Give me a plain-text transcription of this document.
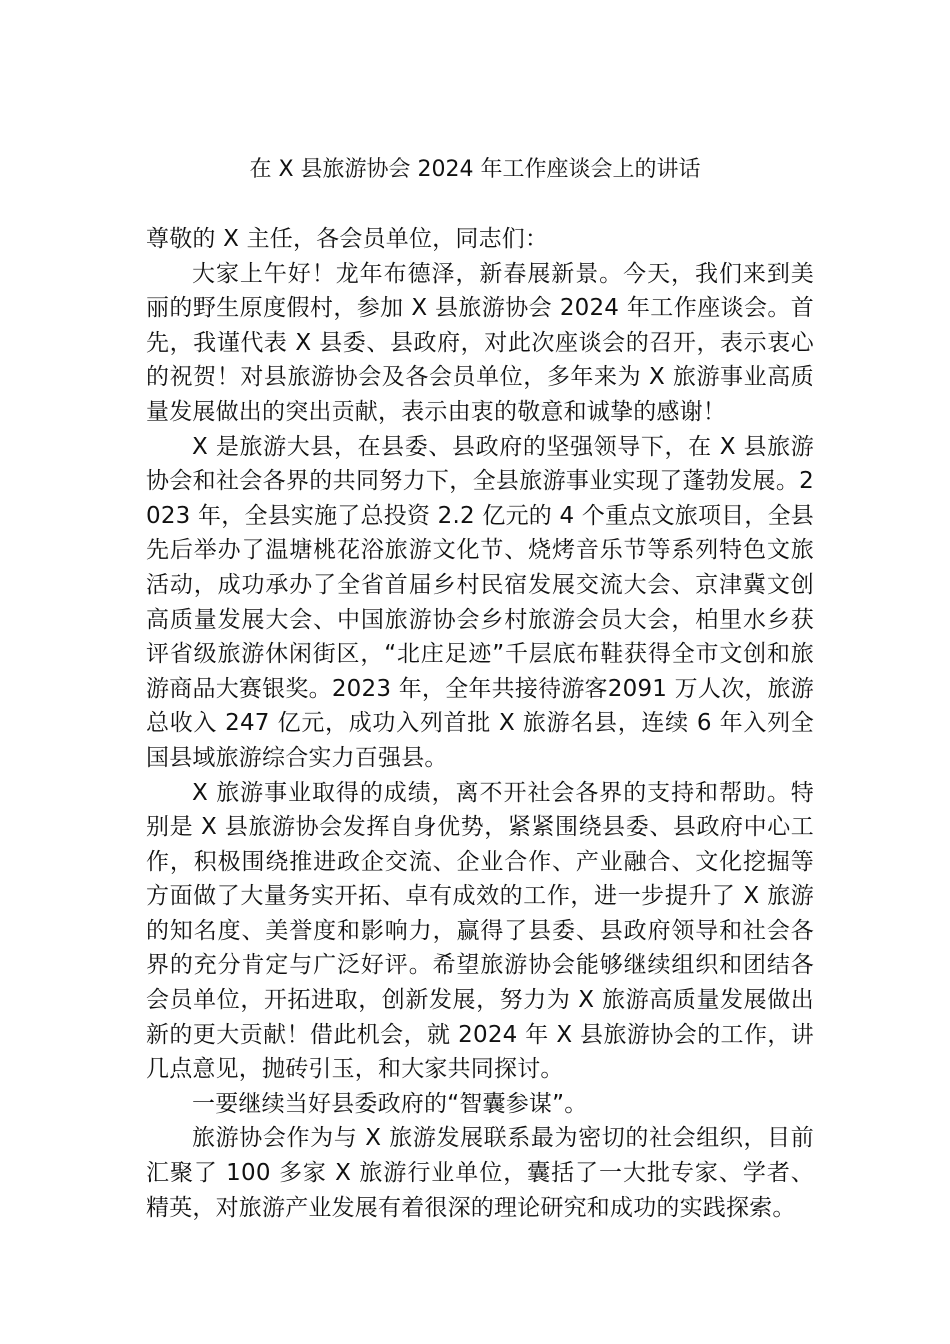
在 X 县旅游协会 2024 年工作座谈会上的讲话

尊敬的 X 主任，各会员单位，同志们：

大家上午好！龙年布德泽，新春展新景。今天，我们来到美丽的野生原度假村，参加 X 县旅游协会 2024 年工作座谈会。首先，我谨代表 X 县委、县政府，对此次座谈会的召开，表示衷心的祝贺！对县旅游协会及各会员单位，多年来为 X 旅游事业高质量发展做出的突出贡献，表示由衷的敬意和诚挚的感谢！

X 是旅游大县，在县委、县政府的坚强领导下，在 X 县旅游协会和社会各界的共同努力下，全县旅游事业实现了蓬勃发展。2023 年，全县实施了总投资 2.2 亿元的 4 个重点文旅项目，全县先后举办了温塘桃花浴旅游文化节、烧烤音乐节等系列特色文旅活动，成功承办了全省首届乡村民宿发展交流大会、京津冀文创高质量发展大会、中国旅游协会乡村旅游会员大会，柏里水乡获评省级旅游休闲街区，“北庄足迹”千层底布鞋获得全市文创和旅游商品大赛银奖。2023 年，全年共接待游客2091 万人次，旅游总收入 247 亿元，成功入列首批 X 旅游名县，连续 6 年入列全国县域旅游综合实力百强县。

X 旅游事业取得的成绩，离不开社会各界的支持和帮助。特别是 X 县旅游协会发挥自身优势，紧紧围绕县委、县政府中心工作，积极围绕推进政企交流、企业合作、产业融合、文化挖掘等方面做了大量务实开拓、卓有成效的工作，进一步提升了 X 旅游的知名度、美誉度和影响力，赢得了县委、县政府领导和社会各界的充分肯定与广泛好评。希望旅游协会能够继续组织和团结各会员单位，开拓进取，创新发展，努力为 X 旅游高质量发展做出新的更大贡献！借此机会，就 2024 年 X 县旅游协会的工作，讲几点意见，抛砖引玉，和大家共同探讨。

一要继续当好县委政府的“智囊参谋”。

旅游协会作为与 X 旅游发展联系最为密切的社会组织，目前汇聚了 100 多家 X 旅游行业单位，囊括了一大批专家、学者、精英，对旅游产业发展有着很深的理论研究和成功的实践探索。
